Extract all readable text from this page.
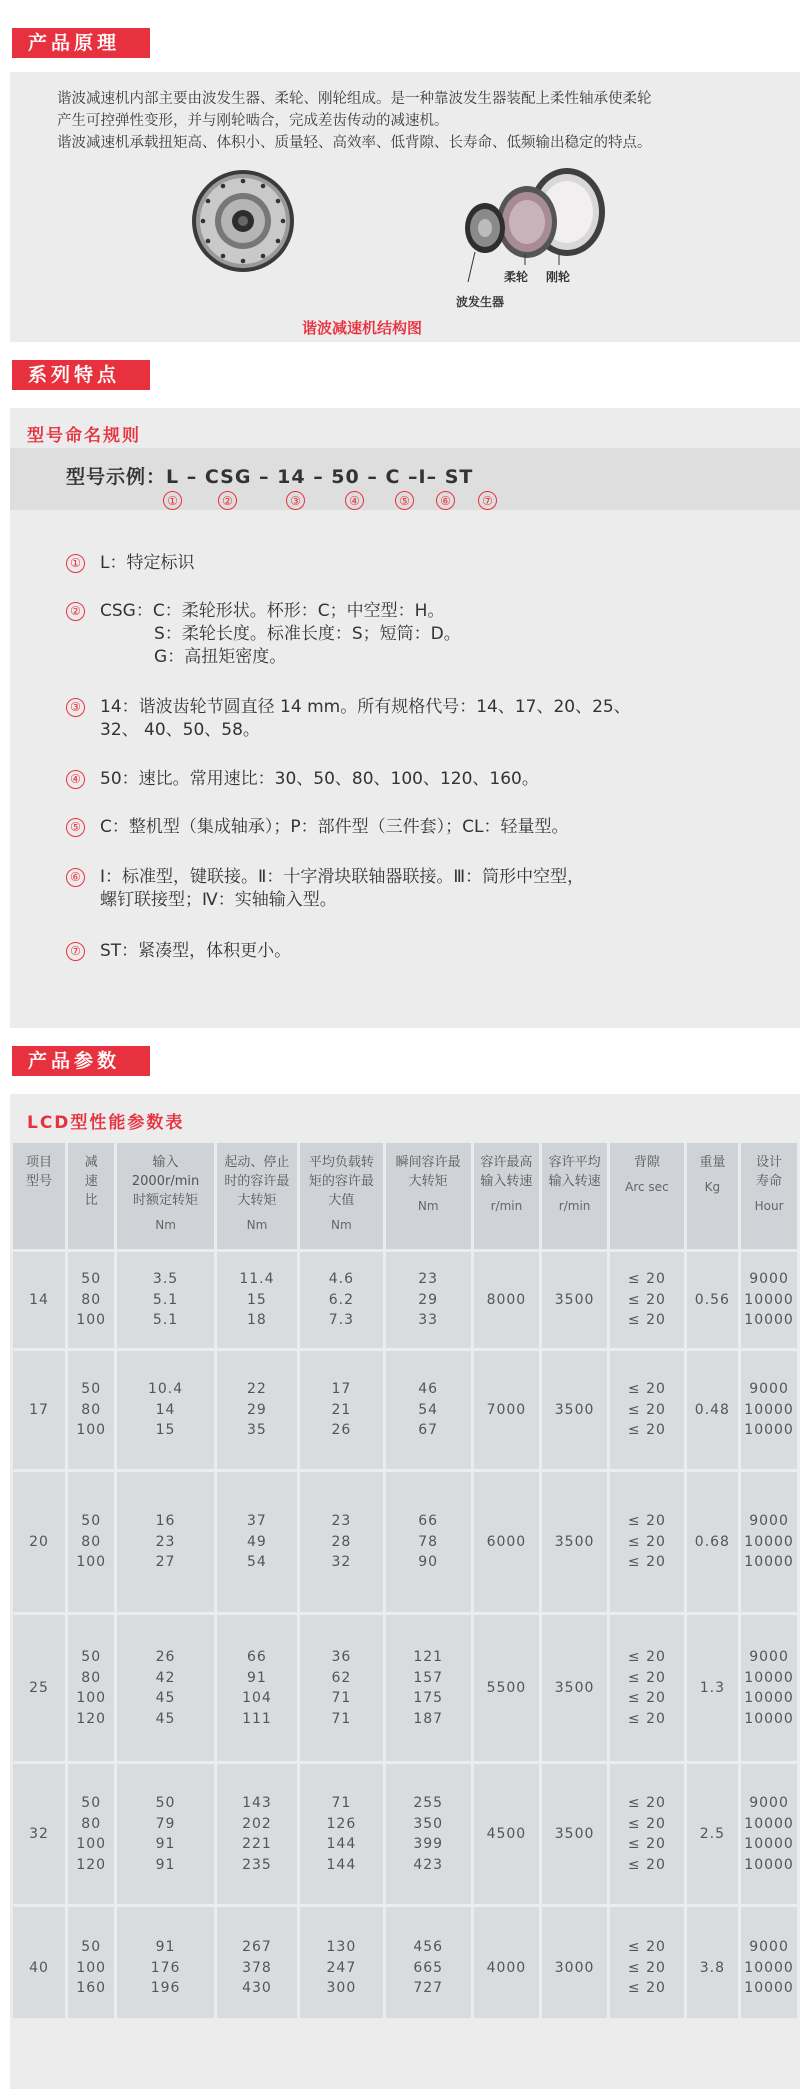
产品原理
谐波减速机内部主要由波发生器、柔轮、刚轮组成。是一种靠波发生器装配上柔性轴承使柔轮
产生可控弹性变形，并与刚轮啮合，完成差齿传动的减速机。
谐波减速机承载扭矩高、体积小、质量轻、高效率、低背隙、长寿命、低频输出稳定的特点。
柔轮 刚轮
波发生器
谐波减速机结构图
系列特点
型号命名规则
型号示例：L – CSG – 14 – 50 – C –Ⅰ– ST
①	②	③	④	⑤	⑥	⑦
① L：特定标识
② CSG：C：柔轮形状。杯形：C；中空型：H。
S：柔轮长度。标准长度：S；短筒：D。
G：高扭矩密度。
③ 14：谐波齿轮节圆直径 14 mm。所有规格代号：14、17、20、25、
32、 40、50、58。
④ 50：速比。常用速比：30、50、80、100、120、160。
⑤ C：整机型（集成轴承）；P：部件型（三件套）；CL：轻量型。
⑥ Ⅰ：标准型，键联接。Ⅱ：十字滑块联轴器联接。Ⅲ：筒形中空型，
螺钉联接型；Ⅳ：实轴输入型。
⑦ ST：紧凑型，体积更小。
产品参数
LCD型性能参数表
项目
型号	减
速
比	输入
2000r/min
时额定转矩
Nm	起动、停止
时的容许最
大转矩
Nm	平均负载转
矩的容许最
大值
Nm	瞬间容许最
大转矩
Nm	容许最高
输入转速
r/min	容许平均
输入转速
r/min	背隙
Arc sec	重量
Kg	设计
寿命
Hour

14	50
80
100	3.5
5.1
5.1	11.4
15
18	4.6
6.2
7.3	23
29
33	8000	3500	≤ 20
≤ 20
≤ 20	0.56	9000
10000
10000
17	50
80
100	10.4
14
15	22
29
35	17
21
26	46
54
67	7000	3500	≤ 20
≤ 20
≤ 20	0.48	9000
10000
10000
20	50
80
100	16
23
27	37
49
54	23
28
32	66
78
90	6000	3500	≤ 20
≤ 20
≤ 20	0.68	9000
10000
10000
25	50
80
100
120	26
42
45
45	66
91
104
111	36
62
71
71	121
157
175
187	5500	3500	≤ 20
≤ 20
≤ 20
≤ 20	1.3	9000
10000
10000
10000
32	50
80
100
120	50
79
91
91	143
202
221
235	71
126
144
144	255
350
399
423	4500	3500	≤ 20
≤ 20
≤ 20
≤ 20	2.5	9000
10000
10000
10000
40	50
100
160	91
176
196	267
378
430	130
247
300	456
665
727	4000	3000	≤ 20
≤ 20
≤ 20	3.8	9000
10000
10000
